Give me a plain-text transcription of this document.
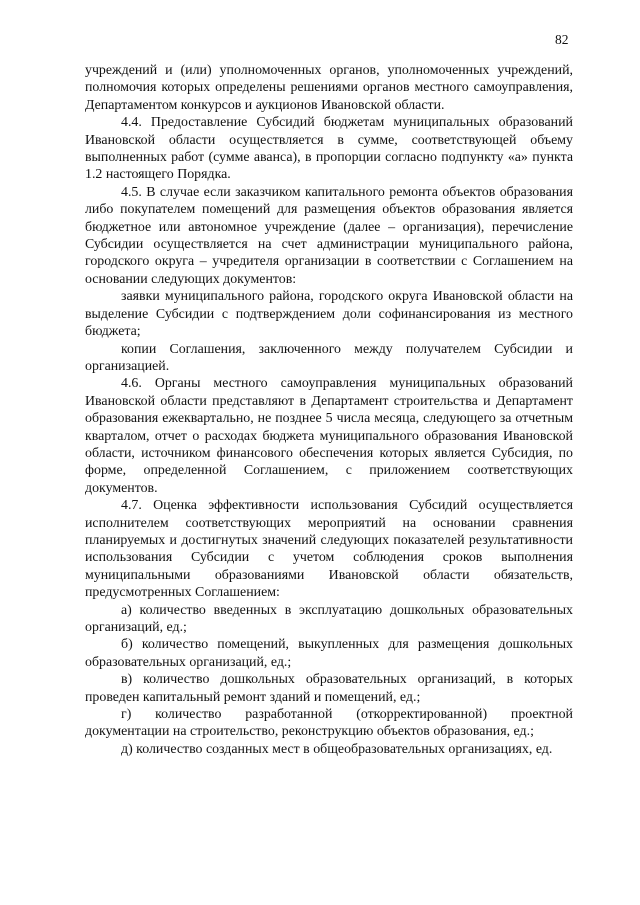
82

учреждений и (или) уполномоченных органов, уполномоченных учреждений, полномочия которых определены решениями органов местного самоуправления, Департаментом конкурсов и аукционов Ивановской области.

4.4. Предоставление Субсидий бюджетам муниципальных образований Ивановской области осуществляется в сумме, соответствующей объему выполненных работ (сумме аванса), в пропорции согласно подпункту «а» пункта 1.2 настоящего Порядка.

4.5. В случае если заказчиком капитального ремонта объектов образования либо покупателем помещений для размещения объектов образования является бюджетное или автономное учреждение (далее – организация), перечисление Субсидии осуществляется на счет администрации муниципального района, городского округа – учредителя организации в соответствии с Соглашением на основании следующих документов:

заявки муниципального района, городского округа Ивановской области на выделение Субсидии с подтверждением доли софинансирования из местного бюджета;

копии Соглашения, заключенного между получателем Субсидии и организацией.

4.6. Органы местного самоуправления муниципальных образований Ивановской области представляют в Департамент строительства и Департамент образования ежеквартально, не позднее 5 числа месяца, следующего за отчетным кварталом, отчет о расходах бюджета муниципального образования Ивановской области, источником финансового обеспечения которых является Субсидия, по форме, определенной Соглашением, с приложением соответствующих документов.

4.7. Оценка эффективности использования Субсидий осуществляется исполнителем соответствующих мероприятий на основании сравнения планируемых и достигнутых значений следующих показателей результативности использования Субсидии с учетом соблюдения сроков выполнения муниципальными образованиями Ивановской области обязательств, предусмотренных Соглашением:

а) количество введенных в эксплуатацию дошкольных образовательных организаций, ед.;

б) количество помещений, выкупленных для размещения дошкольных образовательных организаций, ед.;

в) количество дошкольных образовательных организаций, в которых проведен капитальный ремонт зданий и помещений, ед.;

г) количество разработанной (откорректированной) проектной документации на строительство, реконструкцию объектов образования, ед.;

д) количество созданных мест в общеобразовательных организациях, ед.
